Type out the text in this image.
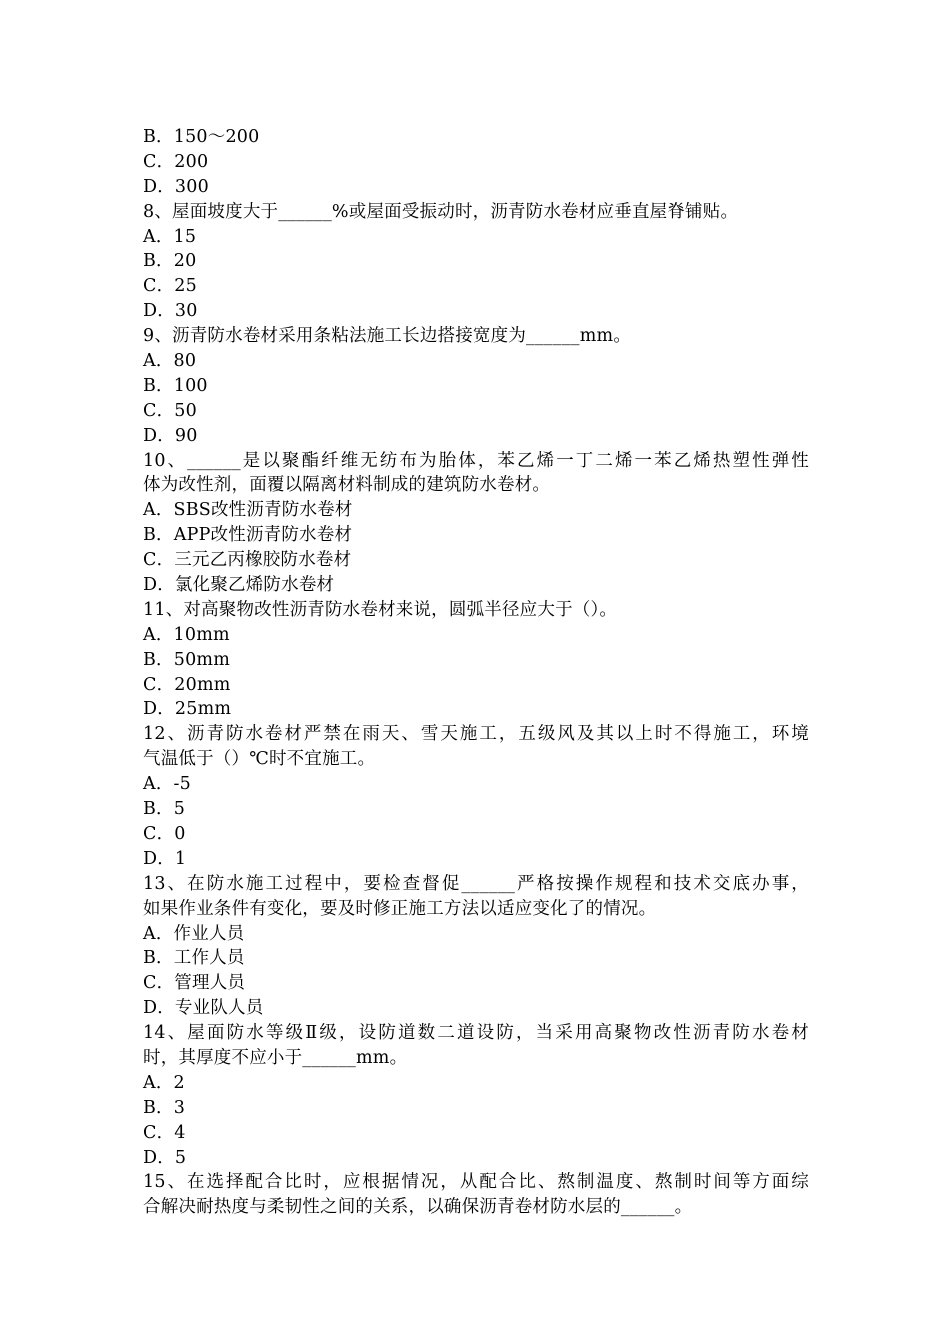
B．150～200
C．200
D．300
8、屋面坡度大于______%或屋面受振动时，沥青防水卷材应垂直屋脊铺贴。
A．15
B．20
C．25
D．30
9、沥青防水卷材采用条粘法施工长边搭接宽度为______mm。
A．80
B．100
C．50
D．90
10、______是以聚酯纤维无纺布为胎体，苯乙烯一丁二烯一苯乙烯热塑性弹性
体为改性剂，面覆以隔离材料制成的建筑防水卷材。
A．SBS改性沥青防水卷材
B．APP改性沥青防水卷材
C．三元乙丙橡胶防水卷材
D．氯化聚乙烯防水卷材
11、对高聚物改性沥青防水卷材来说，圆弧半径应大于（）。
A．10mm
B．50mm
C．20mm
D．25mm
12、沥青防水卷材严禁在雨天、雪天施工，五级风及其以上时不得施工，环境
气温低于（）℃时不宜施工。
A．-5
B．5
C．0
D．1
13、在防水施工过程中，要检查督促______严格按操作规程和技术交底办事，
如果作业条件有变化，要及时修正施工方法以适应变化了的情况。
A．作业人员
B．工作人员
C．管理人员
D．专业队人员
14、屋面防水等级Ⅱ级，设防道数二道设防，当采用高聚物改性沥青防水卷材
时，其厚度不应小于______mm。
A．2
B．3
C．4
D．5
15、在选择配合比时，应根据情况，从配合比、熬制温度、熬制时间等方面综
合解决耐热度与柔韧性之间的关系，以确保沥青卷材防水层的______。
